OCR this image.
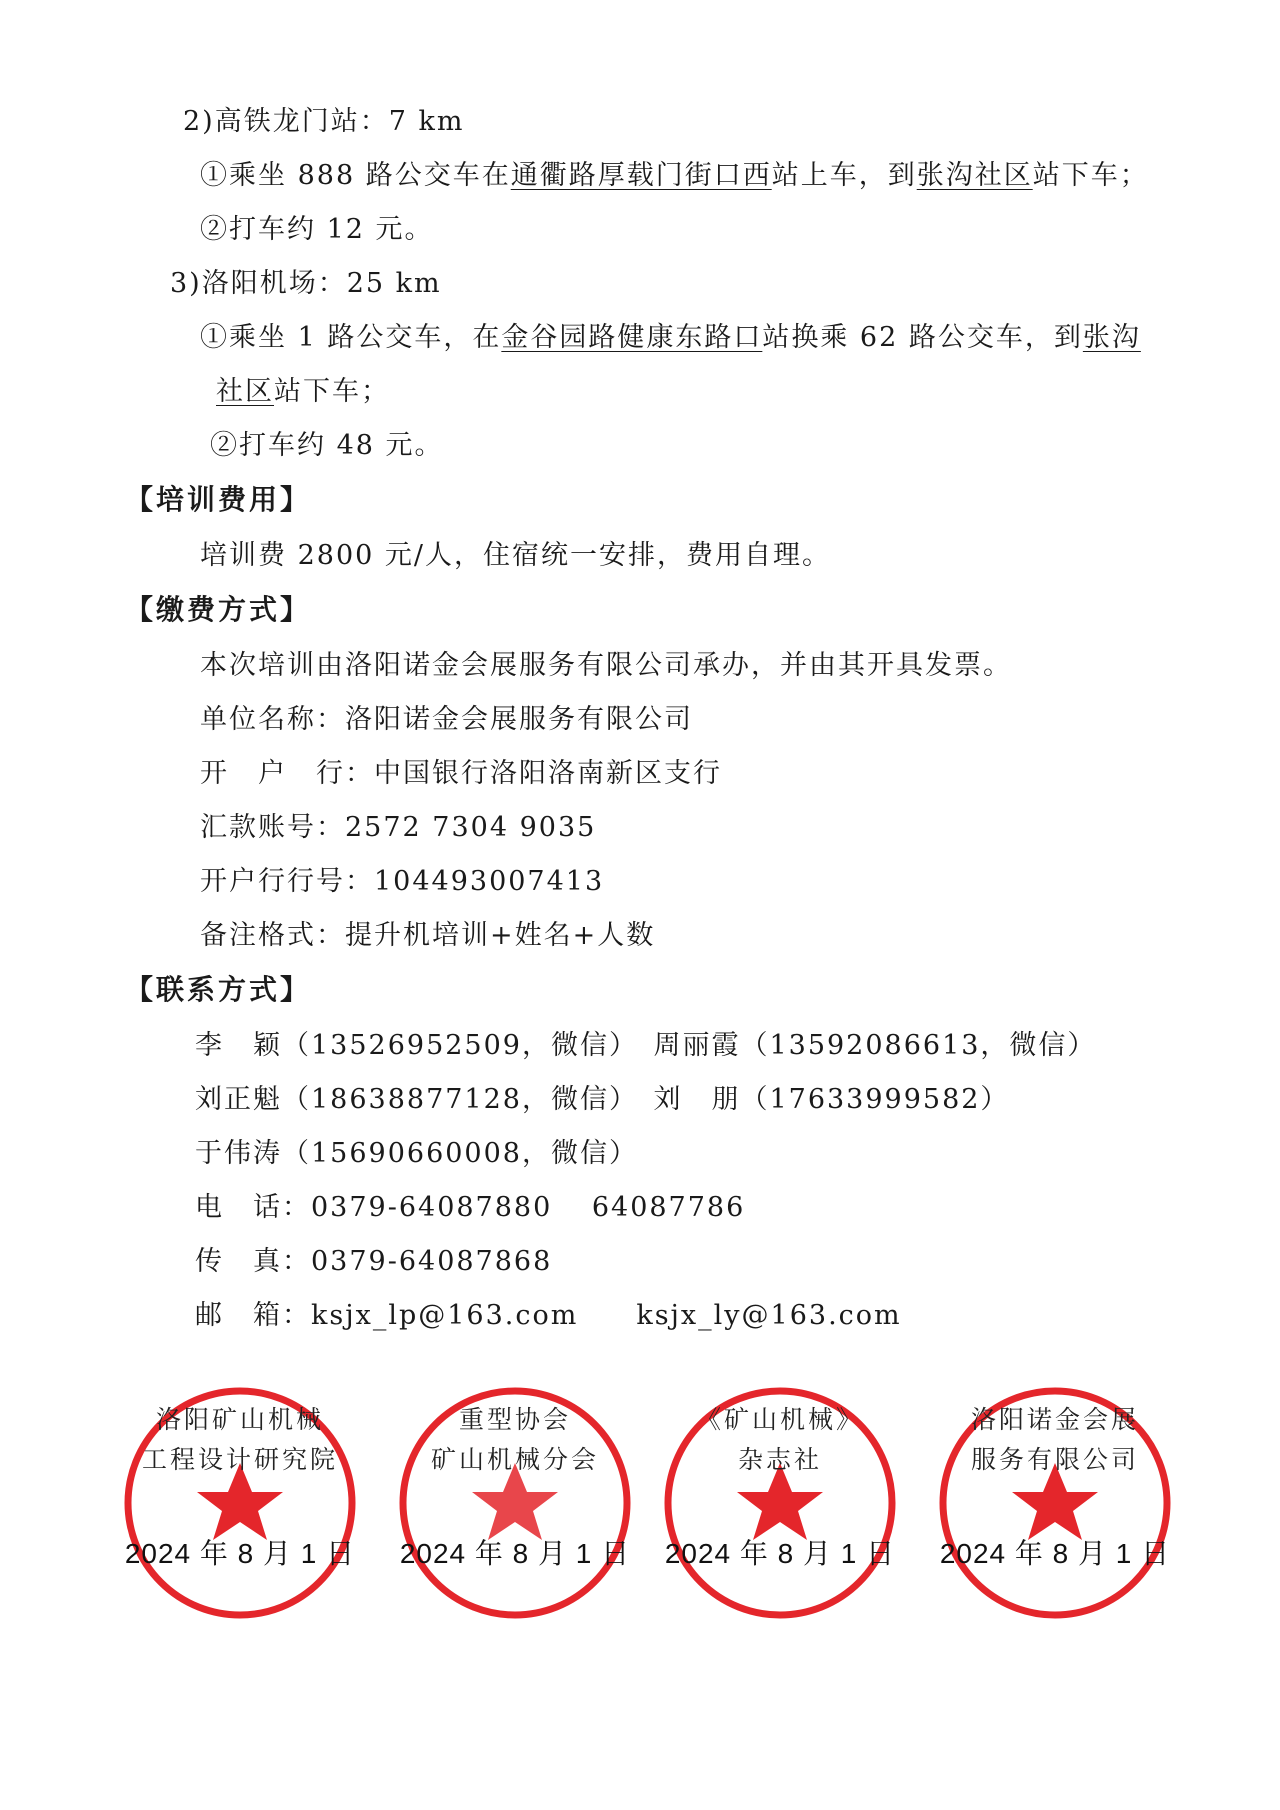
2)高铁龙门站：7 km
①乘坐 888 路公交车在通衢路厚载门街口西站上车，到张沟社区站下车；
②打车约 12 元。
3)洛阳机场：25 km
①乘坐 1 路公交车，在金谷园路健康东路口站换乘 62 路公交车，到张沟
社区站下车；
②打车约 48 元。
【培训费用】
培训费 2800 元/人，住宿统一安排，费用自理。
【缴费方式】
本次培训由洛阳诺金会展服务有限公司承办，并由其开具发票。
单位名称：洛阳诺金会展服务有限公司
开　户　行：中国银行洛阳洛南新区支行
汇款账号：2572 7304 9035
开户行行号：104493007413
备注格式：提升机培训+姓名+人数
【联系方式】
李　颖（13526952509，微信）　周丽霞（13592086613，微信）
刘正魁（18638877128，微信）　刘　朋（17633999582）
于伟涛（15690660008，微信）
电　话：0379-64087880　 64087786
传　真：0379-64087868
邮　箱：ksjx_lp@163.com　　ksjx_ly@163.com
洛阳矿山机械
工程设计研究院
2024 年 8 月 1 日
重型协会
矿山机械分会
2024 年 8 月 1 日
《矿山机械》
杂志社
2024 年 8 月 1 日
洛阳诺金会展
服务有限公司
2024 年 8 月 1 日
